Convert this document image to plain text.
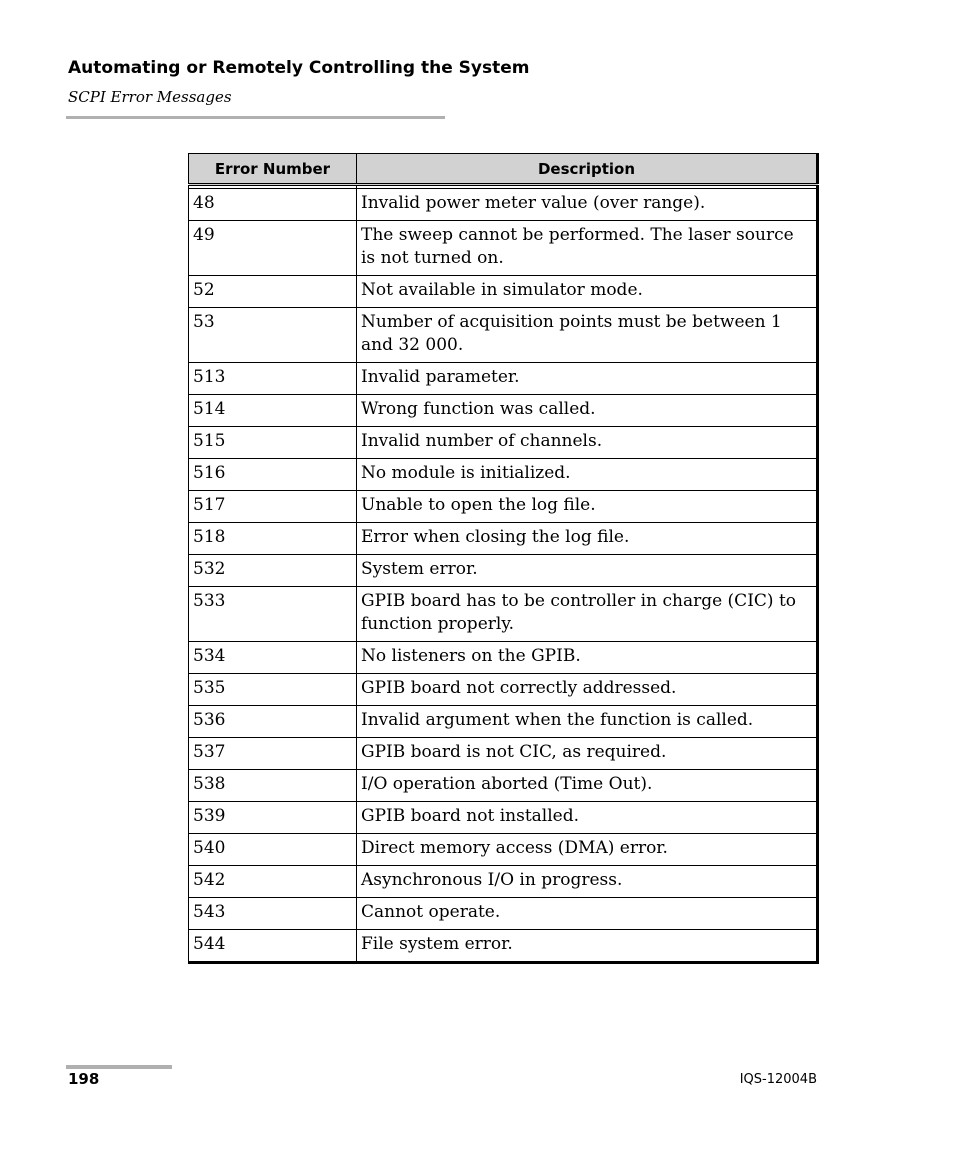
Automating or Remotely Controlling the System
SCPI Error Messages
Error Number	Description

48	Invalid power meter value (over range).
49	The sweep cannot be performed. The laser source is not turned on.
52	Not available in simulator mode.
53	Number of acquisition points must be between 1 and 32 000.
513	Invalid parameter.
514	Wrong function was called.
515	Invalid number of channels.
516	No module is initialized.
517	Unable to open the log file.
518	Error when closing the log file.
532	System error.
533	GPIB board has to be controller in charge (CIC) to function properly.
534	No listeners on the GPIB.
535	GPIB board not correctly addressed.
536	Invalid argument when the function is called.
537	GPIB board is not CIC, as required.
538	I/O operation aborted (Time Out).
539	GPIB board not installed.
540	Direct memory access (DMA) error.
542	Asynchronous I/O in progress.
543	Cannot operate.
544	File system error.
198	IQS-12004B
